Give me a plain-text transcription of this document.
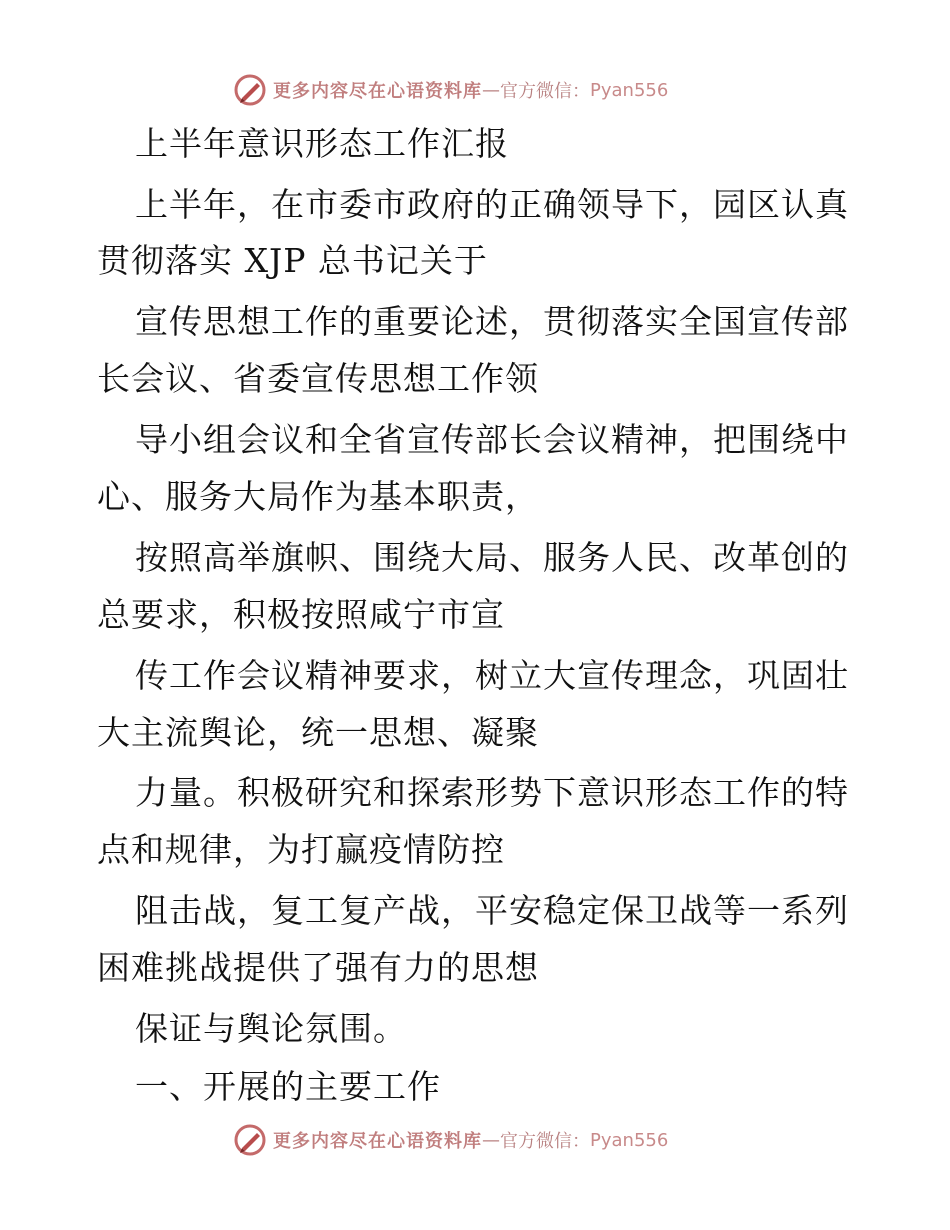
更多内容尽在心语资料库 — 官方微信： Pyan556
上半年意识形态工作汇报
上半年，在市委市政府的正确领导下，园区认真
贯彻落实 XJP 总书记关于
宣传思想工作的重要论述，贯彻落实全国宣传部
长会议、省委宣传思想工作领
导小组会议和全省宣传部长会议精神，把围绕中
心、服务大局作为基本职责，
按照高举旗帜、围绕大局、服务人民、改革创的
总要求，积极按照咸宁市宣
传工作会议精神要求，树立大宣传理念，巩固壮
大主流舆论，统一思想、凝聚
力量。积极研究和探索形势下意识形态工作的特
点和规律，为打赢疫情防控
阻击战，复工复产战，平安稳定保卫战等一系列
困难挑战提供了强有力的思想
保证与舆论氛围。
一、开展的主要工作
更多内容尽在心语资料库 — 官方微信： Pyan556
